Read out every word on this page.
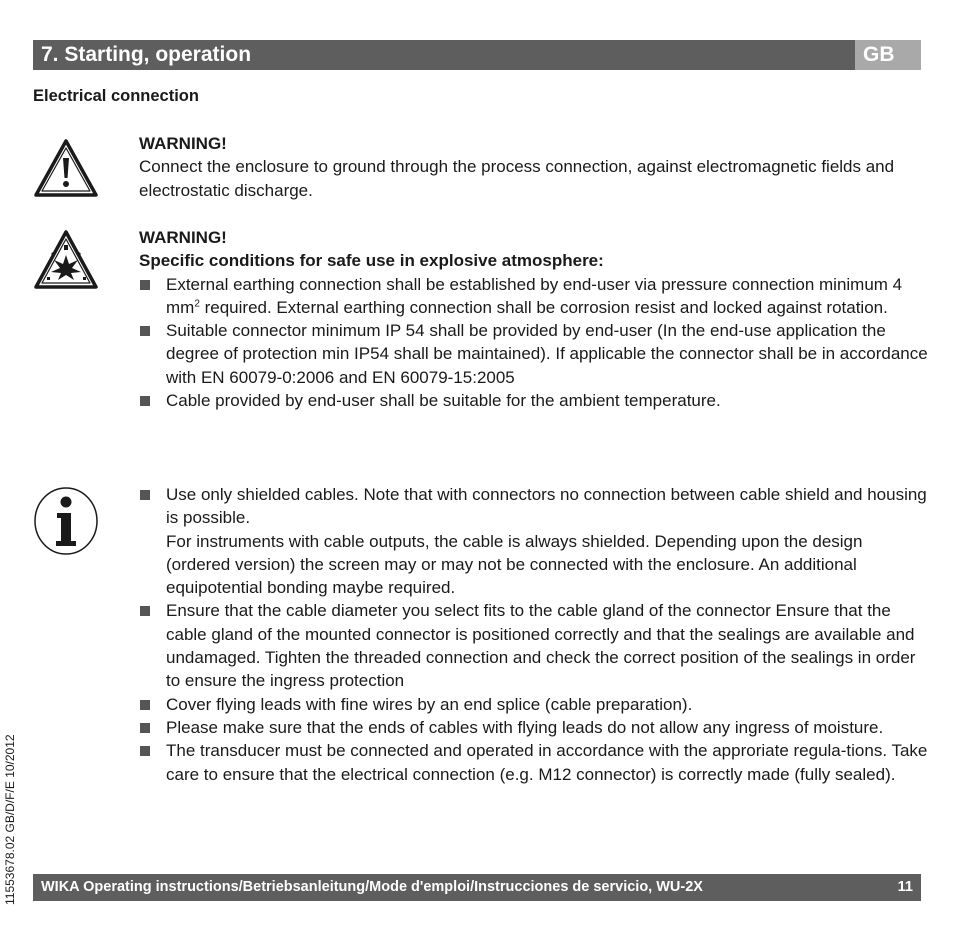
7. Starting, operation	GB
Electrical connection
WARNING!
Connect the enclosure to ground through the process connection, against electromagnetic fields and electrostatic discharge.
WARNING!
Specific conditions for safe use in explosive atmosphere:
External earthing connection shall be established by end-user via pressure connection minimum 4 $mm^2$ required. External earthing connection shall be corrosion resist and locked against rotation.
Suitable connector minimum IP 54 shall be provided by end-user (In the end-use application the degree of protection min IP54 shall be maintained). If applicable the connector shall be in accordance with EN 60079-0:2006 and EN 60079-15:2005
Cable provided by end-user shall be suitable for the ambient temperature.
Use only shielded cables. Note that with connectors no connection between cable shield and housing is possible.
For instruments with cable outputs, the cable is always shielded. Depending upon the design (ordered version) the screen may or may not be connected with the enclosure. An additional equipotential bonding maybe required.
Ensure that the cable diameter you select fits to the cable gland of the connector Ensure that the cable gland of the mounted connector is positioned correctly and that the sealings are available and undamaged. Tighten the threaded connection and check the correct position of the sealings in order to ensure the ingress protection
Cover flying leads with fine wires by an end splice (cable preparation).
Please make sure that the ends of cables with flying leads do not allow any ingress of moisture.
The transducer must be connected and operated in accordance with the approriate regula-tions. Take care to ensure that the electrical connection (e.g. M12 connector) is correctly made (fully sealed).
11553678.02 GB/D/F/E 10/2012 WIKA Operating instructions/Betriebsanleitung/Mode d'emploi/Instrucciones de servicio, WU-2X	11
